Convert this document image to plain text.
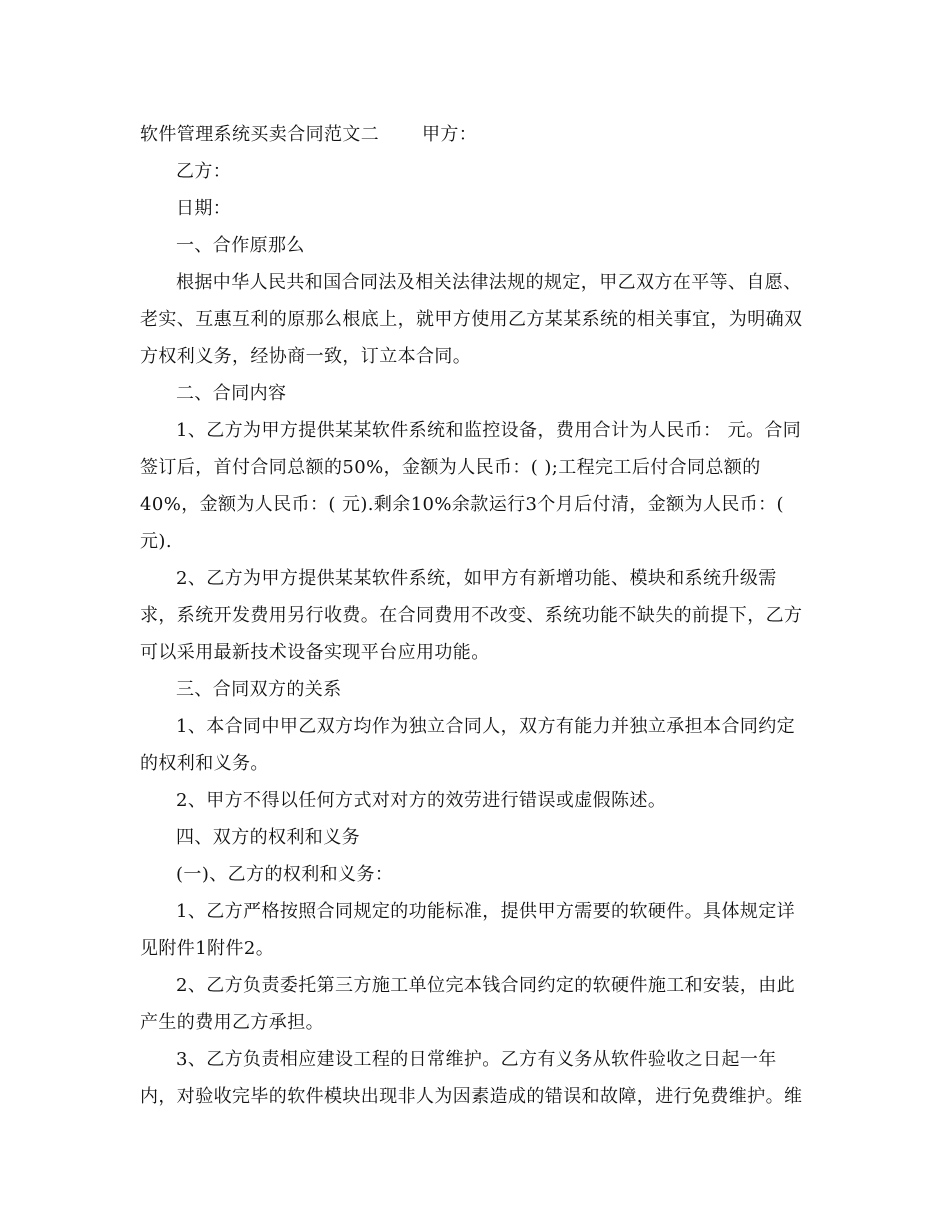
软件管理系统买卖合同范文二	甲方：
乙方：
日期：
一、合作原那么
根据中华人民共和国合同法及相关法律法规的规定，甲乙双方在平等、自愿、
老实、互惠互利的原那么根底上，就甲方使用乙方某某系统的相关事宜，为明确双
方权利义务，经协商一致，订立本合同。
二、合同内容
1、乙方为甲方提供某某软件系统和监控设备，费用合计为人民币： 元。合同
签订后，首付合同总额的50%，金额为人民币：( );工程完工后付合同总额的
40%，金额为人民币：( 元).剩余10%余款运行3个月后付清，金额为人民币：(
元).
2、乙方为甲方提供某某软件系统，如甲方有新增功能、模块和系统升级需
求，系统开发费用另行收费。在合同费用不改变、系统功能不缺失的前提下，乙方
可以采用最新技术设备实现平台应用功能。
三、合同双方的关系
1、本合同中甲乙双方均作为独立合同人，双方有能力并独立承担本合同约定
的权利和义务。
2、甲方不得以任何方式对对方的效劳进行错误或虚假陈述。
四、双方的权利和义务
(一)、乙方的权利和义务：
1、乙方严格按照合同规定的功能标准，提供甲方需要的软硬件。具体规定详
见附件1附件2。
2、乙方负责委托第三方施工单位完本钱合同约定的软硬件施工和安装，由此
产生的费用乙方承担。
3、乙方负责相应建设工程的日常维护。乙方有义务从软件验收之日起一年
内，对验收完毕的软件模块出现非人为因素造成的错误和故障，进行免费维护。维
